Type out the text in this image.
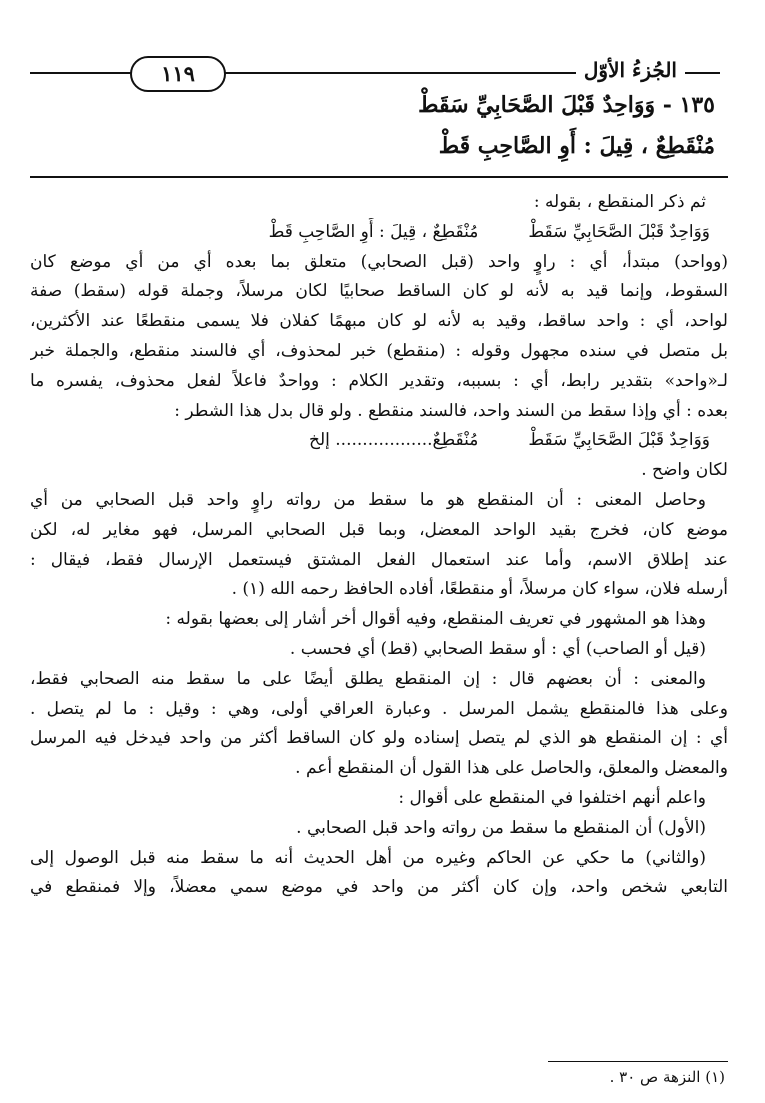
١١٩	الجُزءُ الأوّل
١٣٥ - وَوَاحِدٌ قَبْلَ الصَّحَابِيِّ سَقَطْ
مُنْقَطِعٌ ، قِيلَ : أَوِ الصَّاحِبِ قَطْ
ثم ذكر المنقطع ، بقوله :
وَوَاحِدٌ قَبْلَ الصَّحَابِيِّ سَقَطْ
مُنْقَطِعٌ ، قِيلَ : أَوِ الصَّاحِبِ قَطْ
(وواحد) مبتدأ، أي : راوٍ واحد (قبل الصحابي) متعلق بما بعده أي من أي موضع كان
السقوط، وإنما قيد به لأنه لو كان الساقط صحابيًا لكان مرسلاً، وجملة قوله (سقط) صفة
لواحد، أي : واحد ساقط، وقيد به لأنه لو كان مبهمًا كفلان فلا يسمى منقطعًا عند الأكثرين،
بل متصل في سنده مجهول وقوله : (منقطع) خبر لمحذوف، أي فالسند منقطع، والجملة خبر
لـ«واحد» بتقدير رابط، أي : بسببه، وتقدير الكلام : وواحدٌ فاعلاً لفعل محذوف، يفسره ما
بعده : أي وإذا سقط من السند واحد، فالسند منقطع . ولو قال بدل هذا الشطر :
وَوَاحِدٌ قَبْلَ الصَّحَابِيِّ سَقَطْ
مُنْقَطِعٌ.................. إلخ
لكان واضح .
وحاصل المعنى : أن المنقطع هو ما سقط من رواته راوٍ واحد قبل الصحابي من أي
موضع كان، فخرج بقيد الواحد المعضل، وبما قبل الصحابي المرسل، فهو مغاير له، لكن
عند إطلاق الاسم، وأما عند استعمال الفعل المشتق فيستعمل الإرسال فقط، فيقال :
أرسله فلان، سواء كان مرسلاً، أو منقطعًا، أفاده الحافظ رحمه الله (١) .
وهذا هو المشهور في تعريف المنقطع، وفيه أقوال أخر أشار إلى بعضها بقوله :
(قيل أو الصاحب) أي : أو سقط الصحابي (قط) أي فحسب .
والمعنى : أن بعضهم قال : إن المنقطع يطلق أيضًا على ما سقط منه الصحابي فقط،
وعلى هذا فالمنقطع يشمل المرسل . وعبارة العراقي أولى، وهي : وقيل : ما لم يتصل .
أي : إن المنقطع هو الذي لم يتصل إسناده ولو كان الساقط أكثر من واحد فيدخل فيه المرسل
والمعضل والمعلق، والحاصل على هذا القول أن المنقطع أعم .
واعلم أنهم اختلفوا في المنقطع على أقوال :
(الأول) أن المنقطع ما سقط من رواته واحد قبل الصحابي .
(والثاني) ما حكي عن الحاكم وغيره من أهل الحديث أنه ما سقط منه قبل الوصول إلى
التابعي شخص واحد، وإن كان أكثر من واحد في موضع سمي معضلاً، وإلا فمنقطع في
(١) النزهة ص ٣٠ .
